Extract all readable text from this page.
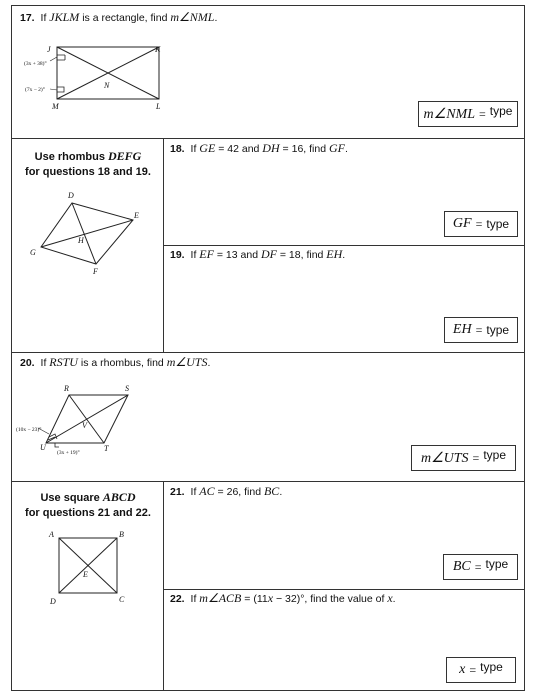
17. If JKLM is a rectangle, find m∠NML.
J	K
L
M
N
(3x + 38)°
(7x − 2)°
m∠NML = type
Use rhombus DEFG
for questions 18 and 19.
D
E
F
G
H
18. If GE = 42 and DH = 16, find GF.
GF = type
19. If EF = 13 and DF = 18, find EH.
EH = type
20. If RSTU is a rhombus, find m∠UTS.
R	S
T
U
V
(10x − 23)°
(3x + 19)°	m∠UTS = type
Use square ABCD
for questions 21 and 22.
A	B
C
D
E
21. If AC = 26, find BC.
BC = type
22. If m∠ACB = (11x − 32)°, find the value of x.
x = type
